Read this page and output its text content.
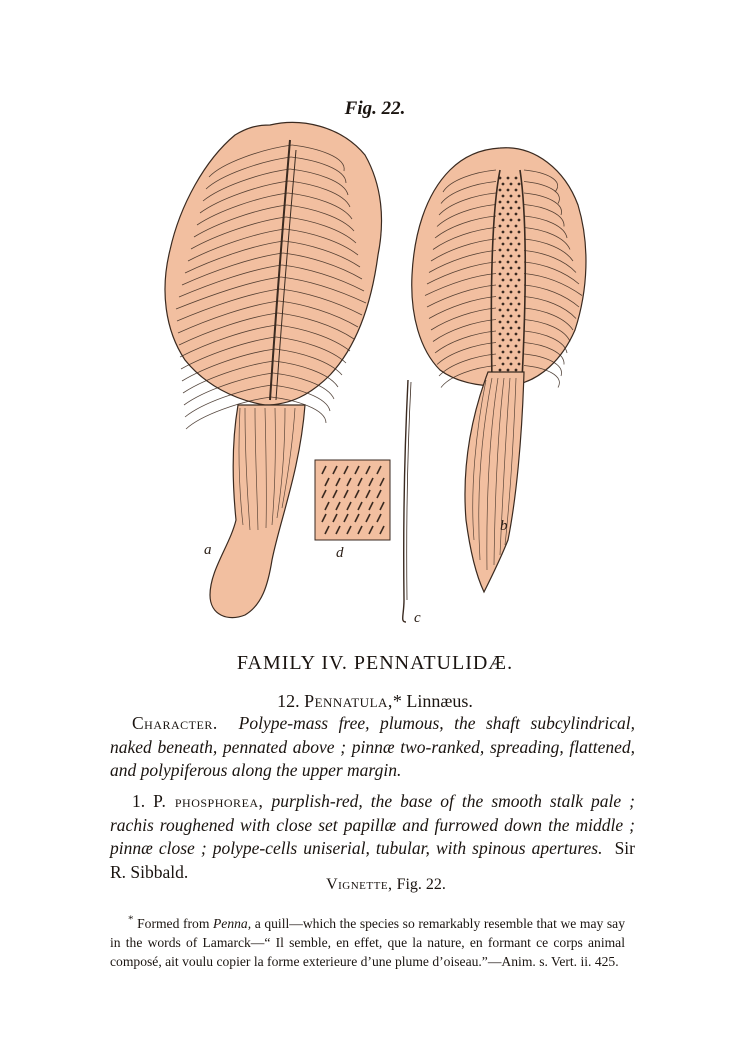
Fig. 22.
a	d
c
b
FAMILY IV. PENNATULIDÆ.
12. Pennatula,* Linnæus.

Character. Polype-mass free, plumous, the shaft subcylindrical, naked beneath, pennated above ; pinnæ two-ranked, spreading, flattened, and polypiferous along the upper margin.

1. P. phosphorea, purplish-red, the base of the smooth stalk pale ; rachis roughened with close set papillæ and furrowed down the middle ; pinnæ close ; polype-cells uniserial, tubular, with spinous apertures. Sir R. Sibbald.

Vignette, Fig. 22.

* Formed from Penna, a quill—which the species so remarkably resemble that we may say in the words of Lamarck—“ Il semble, en effet, que la nature, en formant ce corps animal composé, ait voulu copier la forme exterieure d’une plume d’oiseau.”—Anim. s. Vert. ii. 425.
